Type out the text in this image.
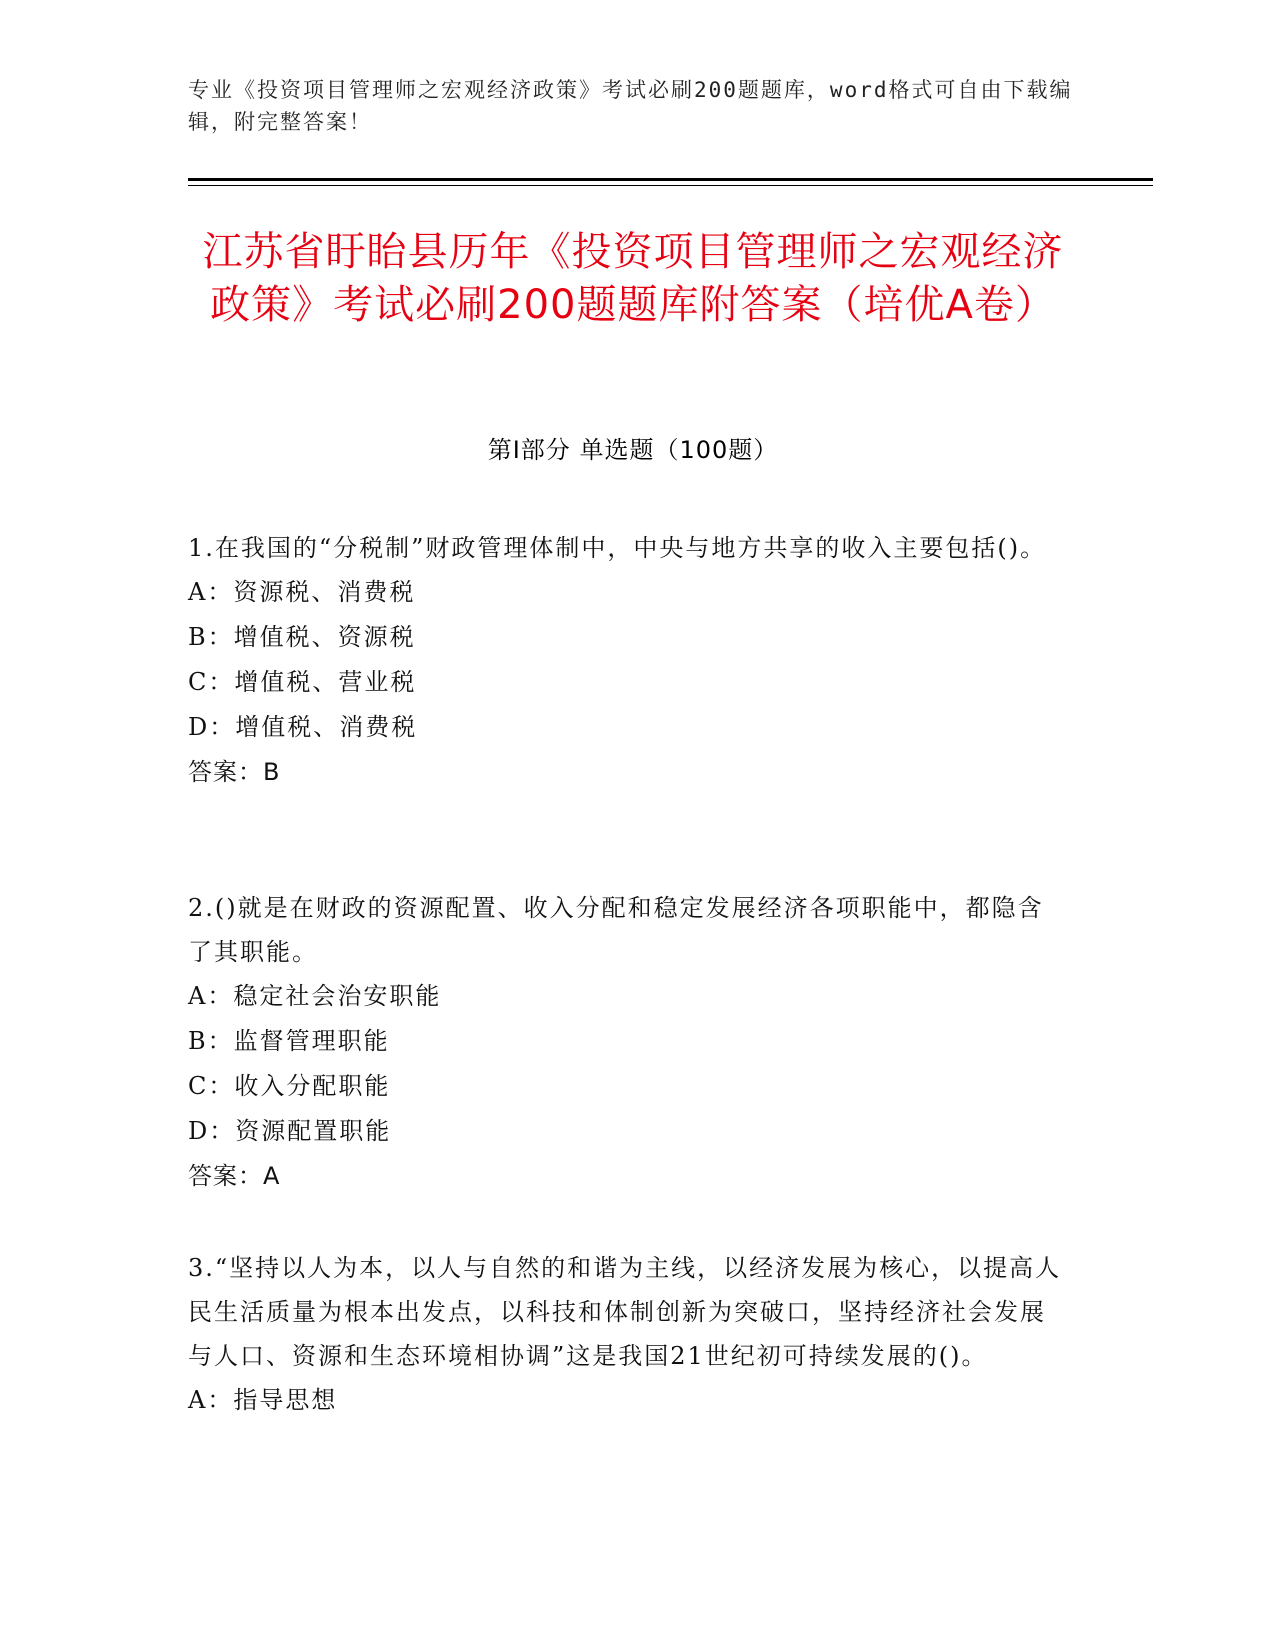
专业《投资项目管理师之宏观经济政策》考试必刷200题题库，word格式可自由下载编辑，附完整答案！
江苏省盱眙县历年《投资项目管理师之宏观经济政策》考试必刷200题题库附答案（培优A卷）
第Ⅰ部分 单选题（100题）
1.在我国的“分税制”财政管理体制中，中央与地方共享的收入主要包括()。
A：资源税、消费税
B：增值税、资源税
C：增值税、营业税
D：增值税、消费税
答案：B
2.()就是在财政的资源配置、收入分配和稳定发展经济各项职能中，都隐含了其职能。
A：稳定社会治安职能
B：监督管理职能
C：收入分配职能
D：资源配置职能
答案：A
3.“坚持以人为本，以人与自然的和谐为主线，以经济发展为核心，以提高人民生活质量为根本出发点，以科技和体制创新为突破口，坚持经济社会发展与人口、资源和生态环境相协调”这是我国21世纪初可持续发展的()。
A：指导思想
